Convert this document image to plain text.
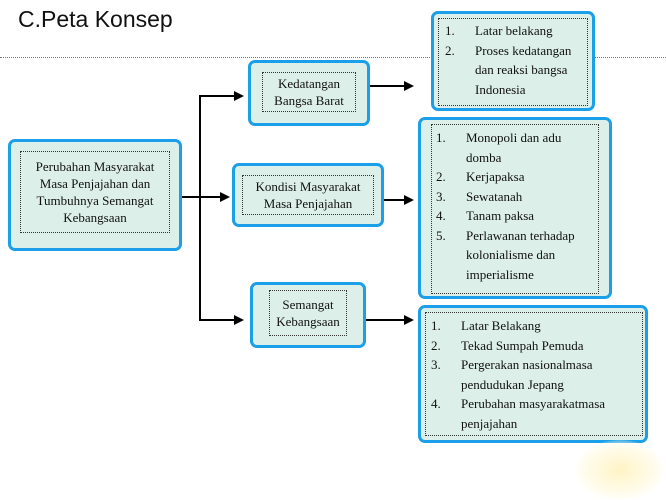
C.Peta Konsep
Perubahan Masyarakat Masa Penjajahan dan Tumbuhnya Semangat Kebangsaan
Kedatangan Bangsa Barat
Kondisi Masyarakat Masa Penjajahan
Semangat Kebangsaan
1. Latar belakang
2. Proses kedatangan dan reaksi bangsa Indonesia
1. Monopoli dan adu domba
2. Kerjapaksa
3. Sewatanah
4. Tanam paksa
5. Perlawanan terhadap kolonialisme dan imperialisme
1. Latar Belakang
2. Tekad Sumpah Pemuda
3. Pergerakan nasionalmasa pendudukan Jepang
4. Perubahan masyarakatmasa penjajahan
